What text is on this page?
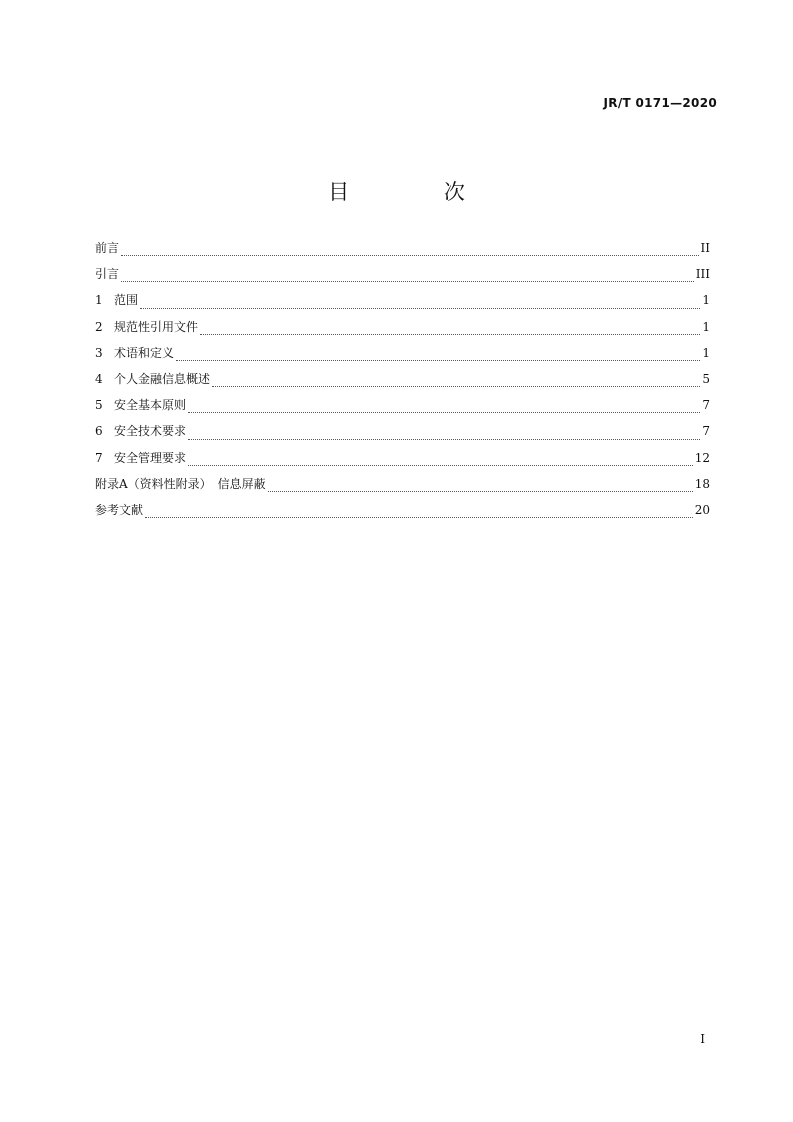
JR/T 0171—2020
目 次
前言	II
引言	III
1 范围	1
2 规范性引用文件	1
3 术语和定义	1
4 个人金融信息概述	5
5 安全基本原则	7
6 安全技术要求	7
7 安全管理要求	12
附录A（资料性附录）　信息屏蔽	18
参考文献	20
I
